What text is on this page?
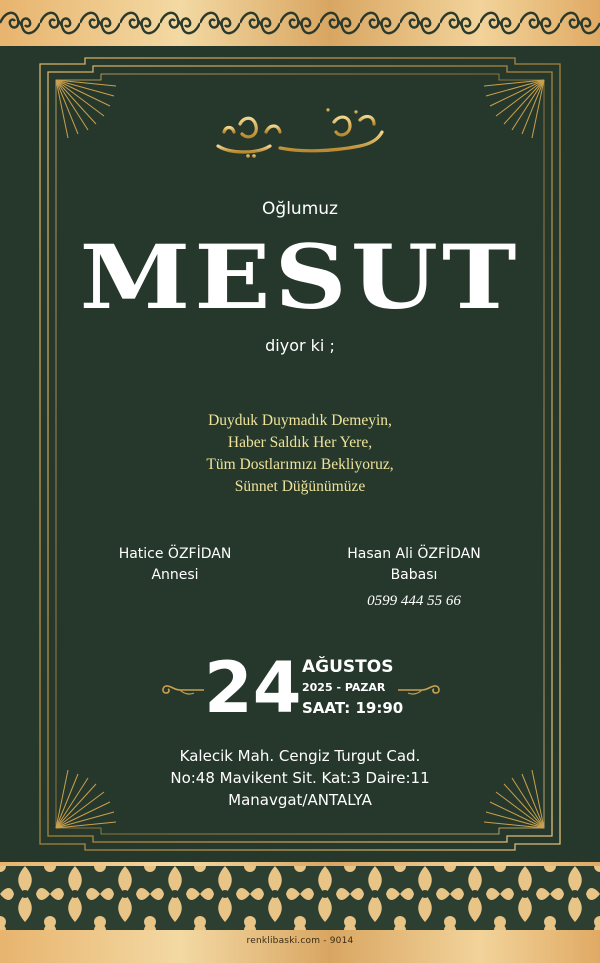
Oğlumuz
MESUT
diyor ki ;
Duyduk Duymadık Demeyin,
Haber Saldık Her Yere,
Tüm Dostlarımızı Bekliyoruz,
Sünnet Düğünümüze
Hatice ÖZFİDAN
Annesi
Hasan Ali ÖZFİDAN
Babası
0599 444 55 66
24 AĞUSTOS
2025 - PAZAR
SAAT: 19:90
Kalecik Mah. Cengiz Turgut Cad.
No:48 Mavikent Sit. Kat:3 Daire:11
Manavgat/ANTALYA
renklibaski.com - 9014
